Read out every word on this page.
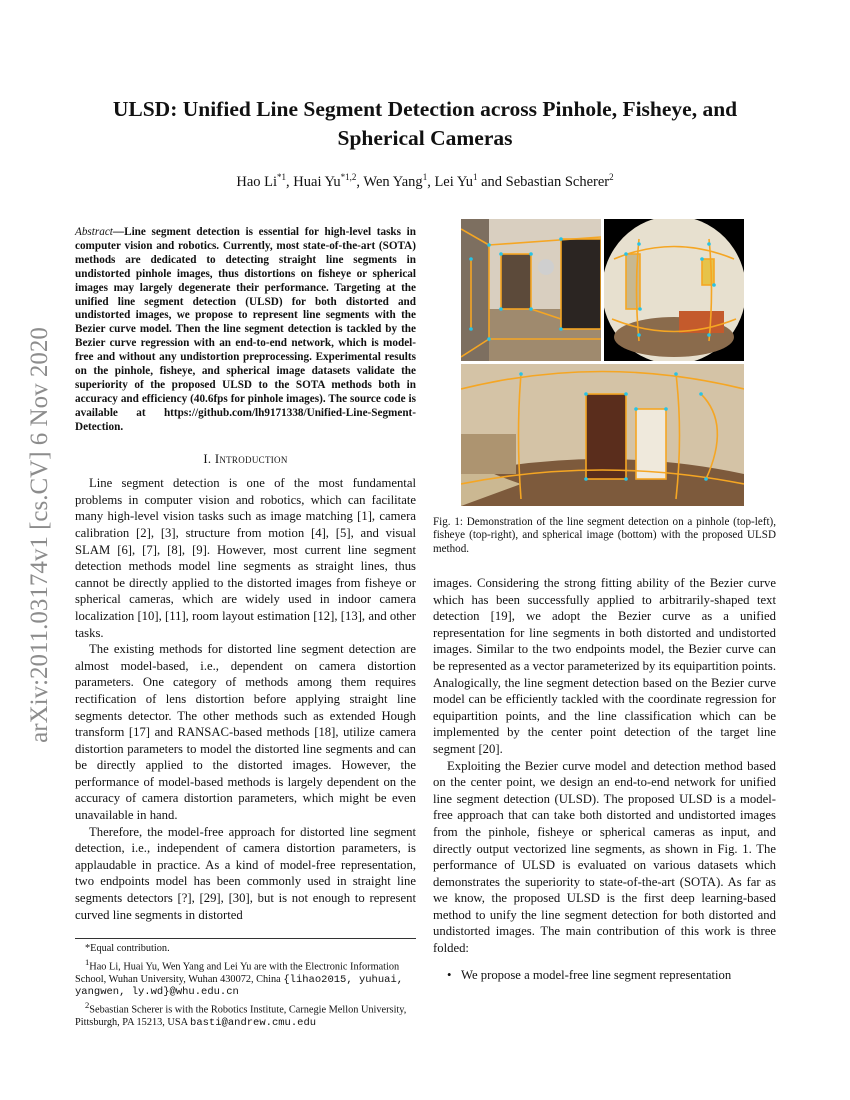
arXiv:2011.03174v1 [cs.CV] 6 Nov 2020
ULSD: Unified Line Segment Detection across Pinhole, Fisheye, and Spherical Cameras
Hao Li$^{*1}$, Huai Yu$^{*1,2}$, Wen Yang$^1$, Lei Yu$^1$ and Sebastian Scherer$^2$
Abstract—Line segment detection is essential for high-level tasks in computer vision and robotics. Currently, most state-of-the-art (SOTA) methods are dedicated to detecting straight line segments in undistorted pinhole images, thus distortions on fisheye or spherical images may largely degenerate their performance. Targeting at the unified line segment detection (ULSD) for both distorted and undistorted images, we propose to represent line segments with the Bezier curve model. Then the line segment detection is tackled by the Bezier curve regression with an end-to-end network, which is model-free and without any undistortion preprocessing. Experimental results on the pinhole, fisheye, and spherical image datasets validate the superiority of the proposed ULSD to the SOTA methods both in accuracy and efficiency (40.6fps for pinhole images). The source code is available at https://github.com/lh9171338/Unified-Line-Segment-Detection.
I. Introduction

Line segment detection is one of the most fundamental problems in computer vision and robotics, which can facilitate many high-level vision tasks such as image matching [1], camera calibration [2], [3], structure from motion [4], [5], and visual SLAM [6], [7], [8], [9]. However, most current line segment detection methods model line segments as straight lines, thus cannot be directly applied to the distorted images from fisheye or spherical cameras, which are widely used in indoor camera localization [10], [11], room layout estimation [12], [13], and other tasks.

The existing methods for distorted line segment detection are almost model-based, i.e., dependent on camera distortion parameters. One category of methods among them requires rectification of lens distortion before applying straight line segments detector. The other methods such as extended Hough transform [17] and RANSAC-based methods [18], utilize camera distortion parameters to model the distorted line segments and can be directly applied to the distorted images. However, the performance of model-based methods is largely dependent on the accuracy of camera distortion parameters, which might be even unavailable in hand.

Therefore, the model-free approach for distorted line segment detection, i.e., independent of camera distortion parameters, is applaudable in practice. As a kind of model-free representation, two endpoints model has been commonly used in straight line segments detectors [?], [29], [30], but is not enough to represent curved line segments in distorted

*Equal contribution.
$^1$Hao Li, Huai Yu, Wen Yang and Lei Yu are with the Electronic Information School, Wuhan University, Wuhan 430072, China {lihao2015, yuhuai, yangwen, ly.wd}@whu.edu.cn
$^2$Sebastian Scherer is with the Robotics Institute, Carnegie Mellon University, Pittsburgh, PA 15213, USA basti@andrew.cmu.edu
Fig. 1: Demonstration of the line segment detection on a pinhole (top-left), fisheye (top-right), and spherical image (bottom) with the proposed ULSD method.

images. Considering the strong fitting ability of the Bezier curve which has been successfully applied to arbitrarily-shaped text detection [19], we adopt the Bezier curve as a unified representation for line segments in both distorted and undistorted images. Similar to the two endpoints model, the Bezier curve can be represented as a vector parameterized by its equipartition points. Analogically, the line segment detection based on the Bezier curve model can be efficiently tackled with the coordinate regression for equipartition points, and the line classification which can be implemented by the center point detection of the target line segment [20].

Exploiting the Bezier curve model and detection method based on the center point, we design an end-to-end network for unified line segment detection (ULSD). The proposed ULSD is a model-free approach that can take both distorted and undistorted images from the pinhole, fisheye or spherical cameras as input, and directly output vectorized line segments, as shown in Fig. 1. The performance of ULSD is evaluated on various datasets which demonstrates the superiority to state-of-the-art (SOTA). As far as we know, the proposed ULSD is the first deep learning-based method to unify the line segment detection for both distorted and undistorted images. The main contribution of this work is three folded:

• We propose a model-free line segment representation
